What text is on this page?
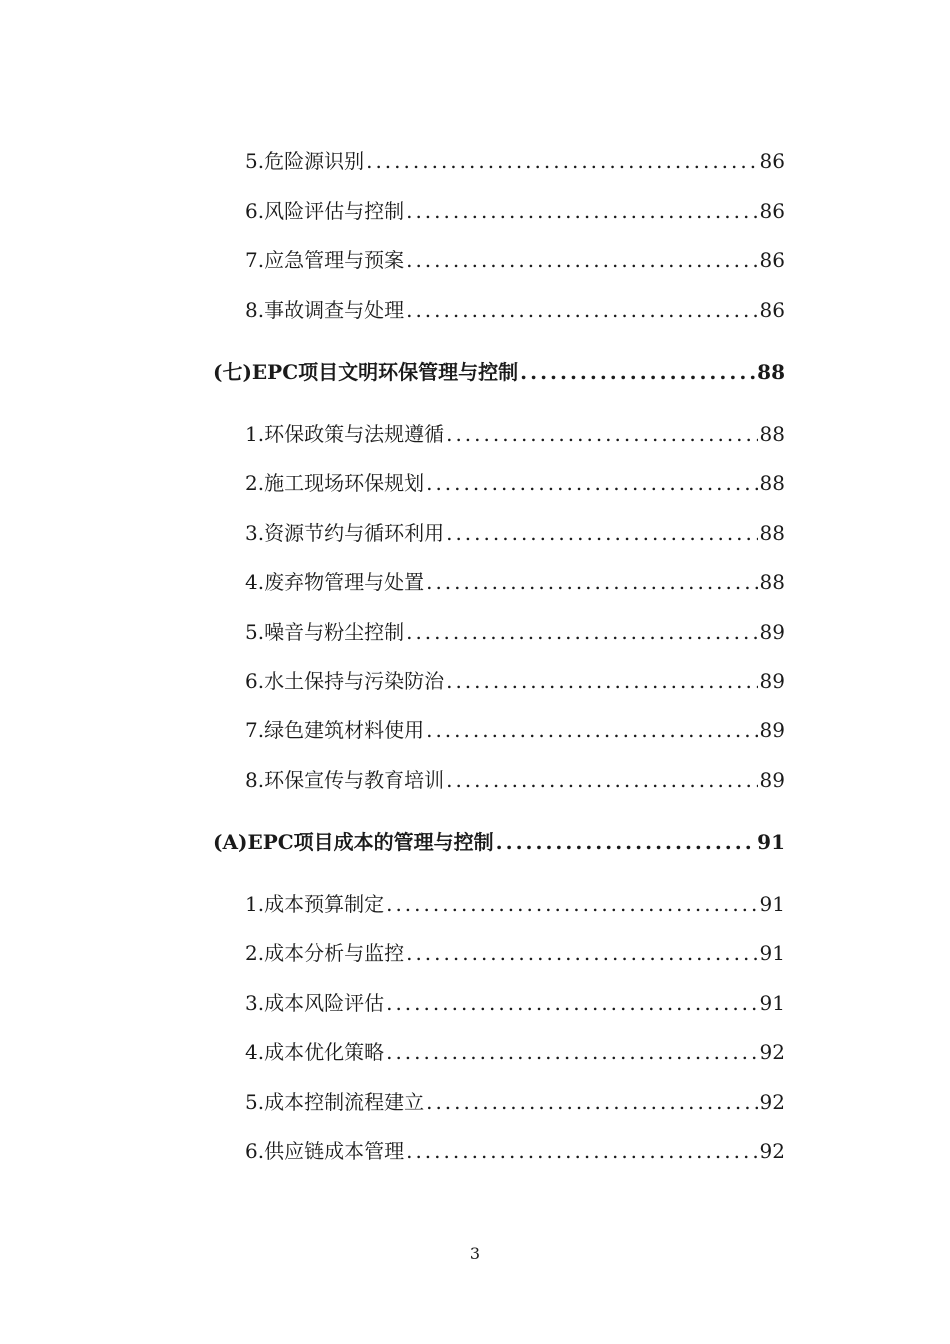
5 . 危险源识别 .....	86
6 . 风险评估与控制 .....	86
7 . 应急管理与预案 .....	86
8 . 事故调查与处理 .....	86
(七)EPC项目文明环保管理与控制 .....	88
1 . 环保政策与法规遵循 .....	88
2 . 施工现场环保规划 .....	88
3 . 资源节约与循环利用 .....	88
4 . 废弃物管理与处置 .....	88
5 . 噪音与粉尘控制 .....	89
6 . 水土保持与污染防治 .....	89
7 . 绿色建筑材料使用 .....	89
8 . 环保宣传与教育培训 .....	89
(A)EPC项目成本的管理与控制 .....	91
1 . 成本预算制定 .....	91
2 . 成本分析与监控 .....	91
3 . 成本风险评估 .....	91
4 . 成本优化策略 .....	92
5 . 成本控制流程建立 .....	92
6 . 供应链成本管理 .....	92
3
